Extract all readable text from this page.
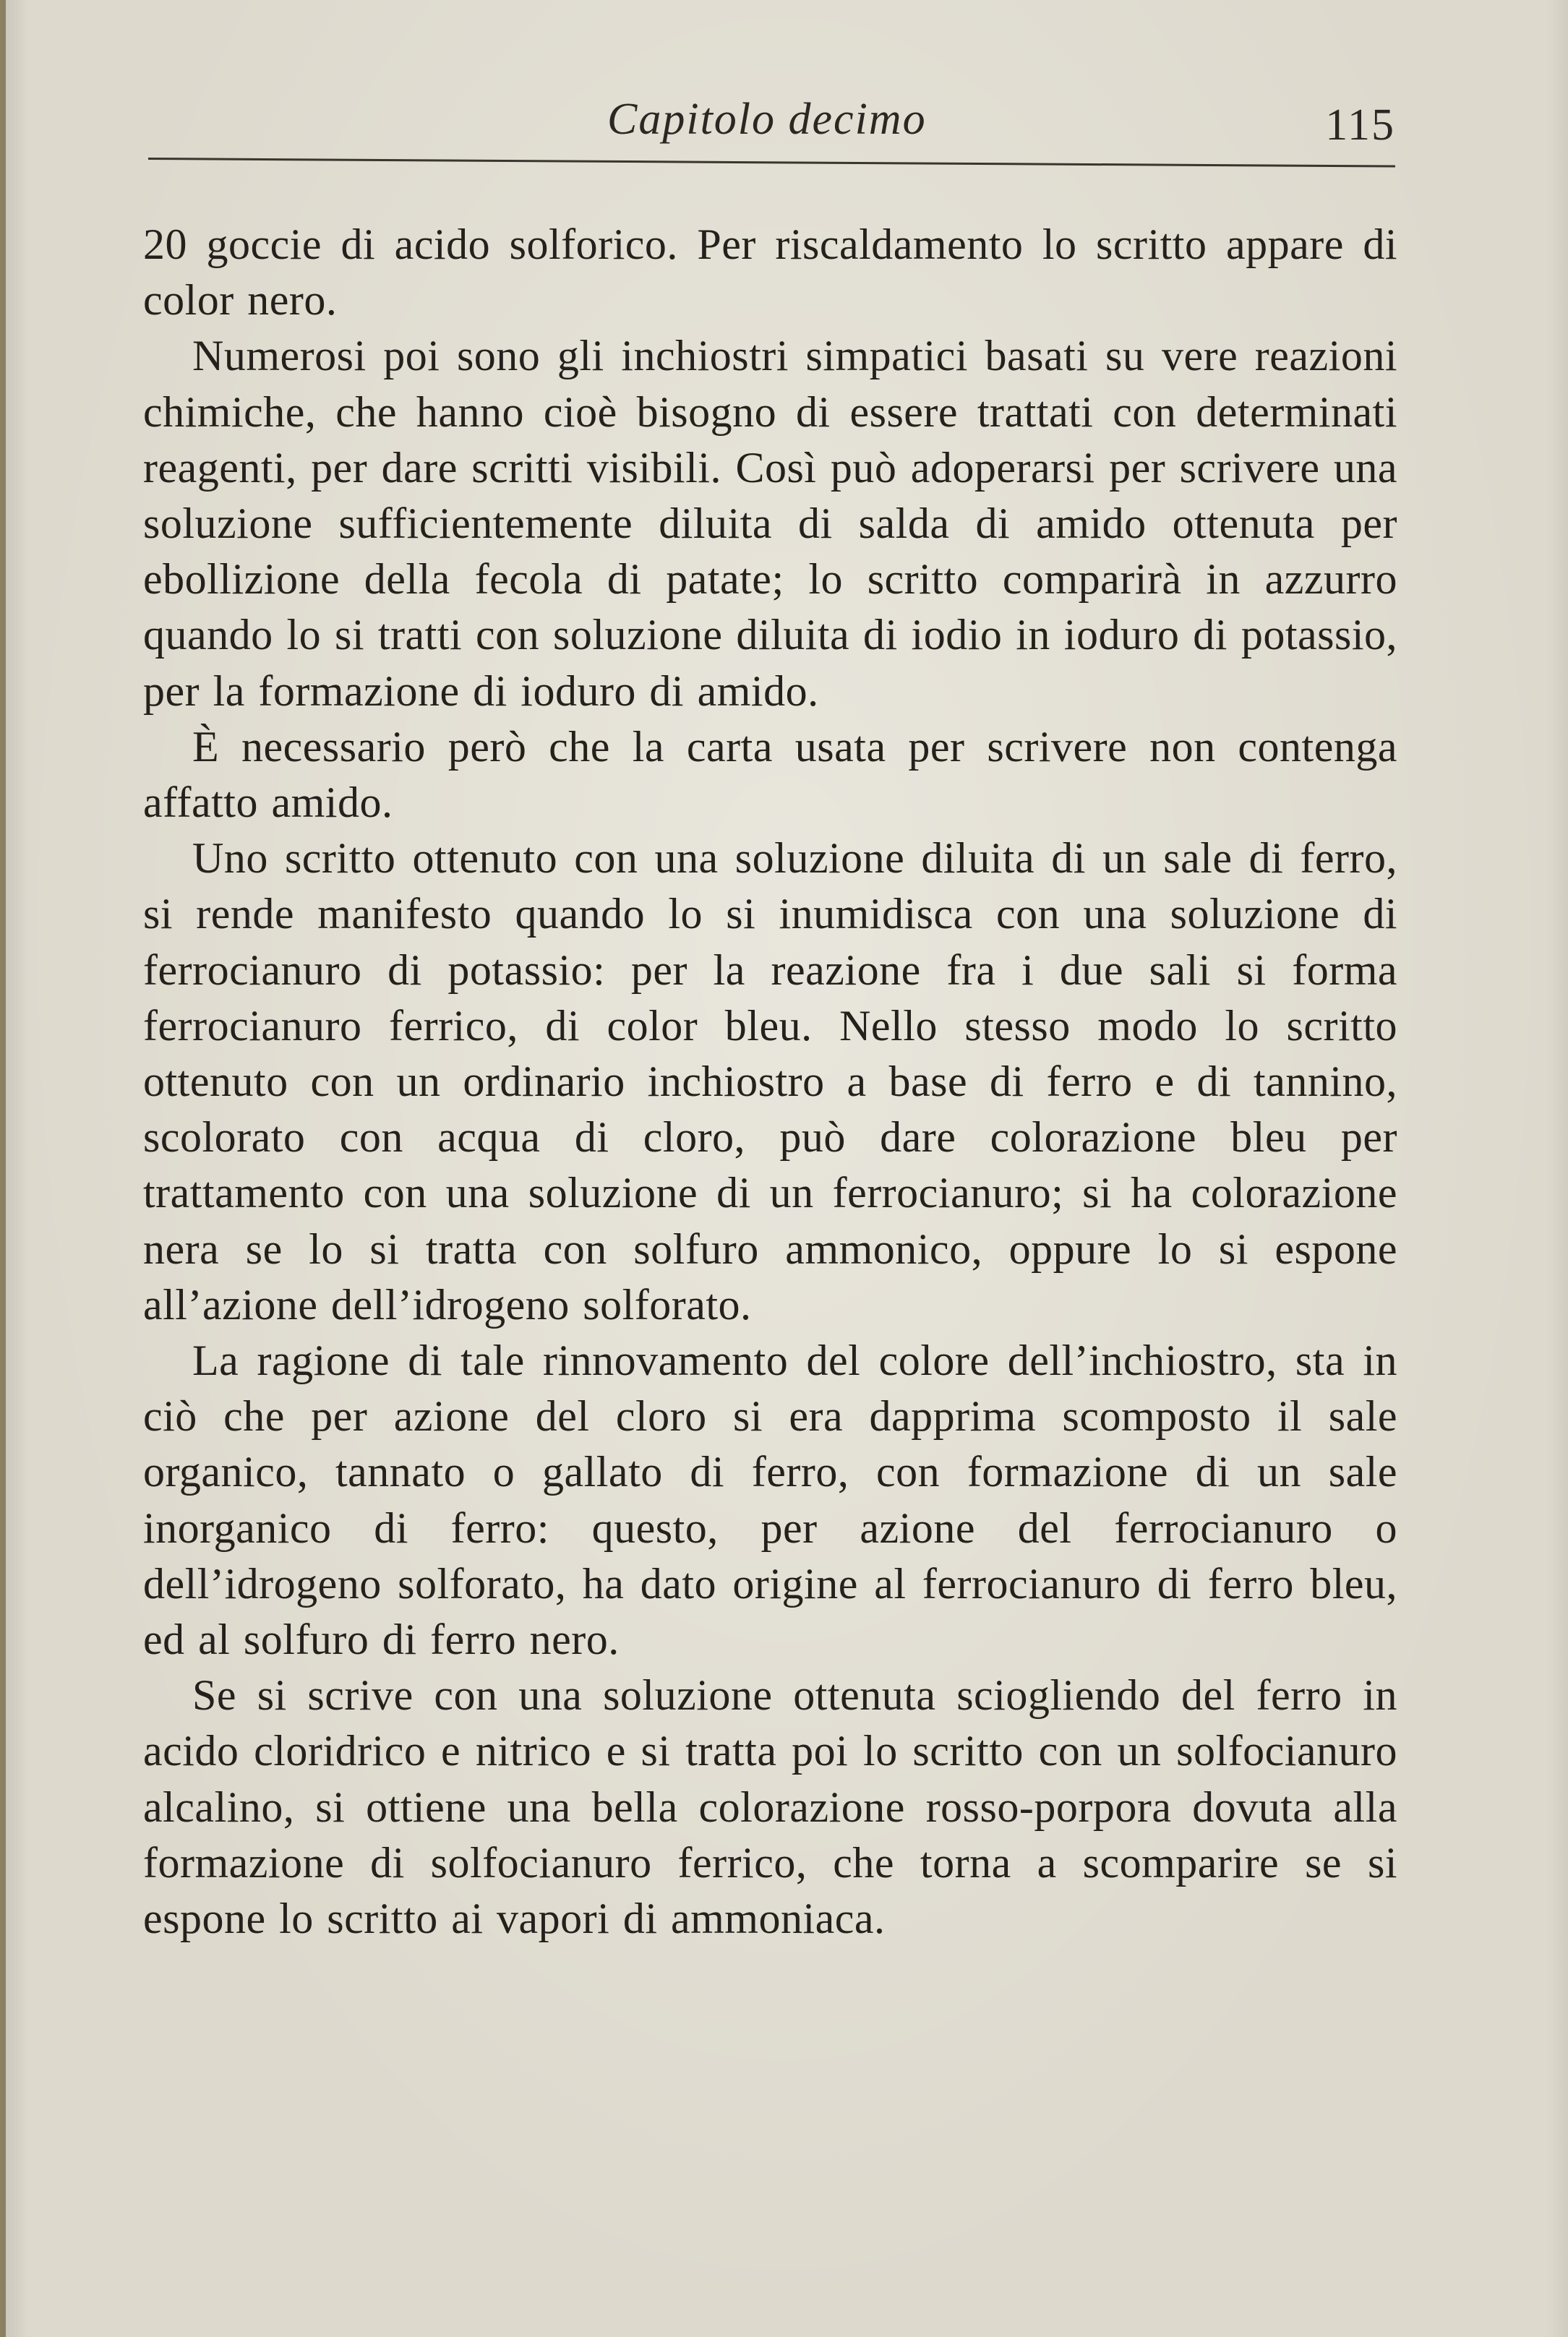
Capitolo decimo	115

20 goccie di acido solforico. Per riscaldamento lo scritto appare di color nero.

Numerosi poi sono gli inchiostri simpatici basati su vere reazioni chimiche, che hanno cioè bisogno di essere trattati con determinati reagenti, per dare scritti visibili. Così può adoperarsi per scrivere una soluzione sufficientemente diluita di salda di amido ottenuta per ebollizione della fecola di patate; lo scritto comparirà in azzurro quando lo si tratti con soluzione diluita di iodio in ioduro di potassio, per la formazione di ioduro di amido.

È necessario però che la carta usata per scrivere non contenga affatto amido.

Uno scritto ottenuto con una soluzione diluita di un sale di ferro, si rende manifesto quando lo si inumidisca con una soluzione di ferrocianuro di potassio: per la reazione fra i due sali si forma ferrocianuro ferrico, di color bleu. Nello stesso modo lo scritto ottenuto con un ordinario inchiostro a base di ferro e di tannino, scolorato con acqua di cloro, può dare colorazione bleu per trattamento con una soluzione di un ferrocianuro; si ha colorazione nera se lo si tratta con solfuro ammonico, oppure lo si espone all’azione dell’idrogeno solforato.

La ragione di tale rinnovamento del colore dell’inchiostro, sta in ciò che per azione del cloro si era dapprima scomposto il sale organico, tannato o gallato di ferro, con formazione di un sale inorganico di ferro: questo, per azione del ferrocianuro o dell’idrogeno solforato, ha dato origine al ferrocianuro di ferro bleu, ed al solfuro di ferro nero.

Se si scrive con una soluzione ottenuta sciogliendo del ferro in acido cloridrico e nitrico e si tratta poi lo scritto con un solfocianuro alcalino, si ottiene una bella colorazione rosso-porpora dovuta alla formazione di solfocianuro ferrico, che torna a scomparire se si espone lo scritto ai vapori di ammoniaca.
